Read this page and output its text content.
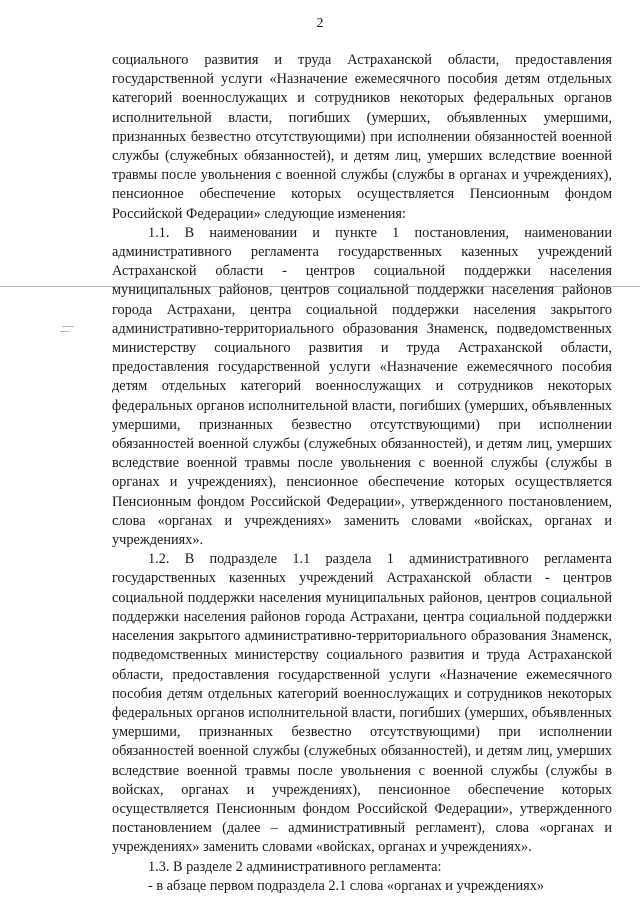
2

социального развития и труда Астраханской области, предоставления государственной услуги «Назначение ежемесячного пособия детям отдельных категорий военнослужащих и сотрудников некоторых федеральных органов исполнительной власти, погибших (умерших, объявленных умершими, признанных безвестно отсутствующими) при исполнении обязанностей военной службы (служебных обязанностей), и детям лиц, умерших вследствие военной травмы после увольнения с военной службы (службы в органах и учреждениях), пенсионное обеспечение которых осуществляется Пенсионным фондом Российской Федерации» следующие изменения:

1.1. В наименовании и пункте 1 постановления, наименовании административного регламента государственных казенных учреждений Астраханской области - центров социальной поддержки населения муниципальных районов, центров социальной поддержки населения районов города Астрахани, центра социальной поддержки населения закрытого административно-территориального образования Знаменск, подведомственных министерству социального развития и труда Астраханской области, предоставления государственной услуги «Назначение ежемесячного пособия детям отдельных категорий военнослужащих и сотрудников некоторых федеральных органов исполнительной власти, погибших (умерших, объявленных умершими, признанных безвестно отсутствующими) при исполнении обязанностей военной службы (служебных обязанностей), и детям лиц, умерших вследствие военной травмы после увольнения с военной службы (службы в органах и учреждениях), пенсионное обеспечение которых осуществляется Пенсионным фондом Российской Федерации», утвержденного постановлением, слова «органах и учреждениях» заменить словами «войсках, органах и учреждениях».

1.2. В подразделе 1.1 раздела 1 административного регламента государственных казенных учреждений Астраханской области - центров социальной поддержки населения муниципальных районов, центров социальной поддержки населения районов города Астрахани, центра социальной поддержки населения закрытого административно-территориального образования Знаменск, подведомственных министерству социального развития и труда Астраханской области, предоставления государственной услуги «Назначение ежемесячного пособия детям отдельных категорий военнослужащих и сотрудников некоторых федеральных органов исполнительной власти, погибших (умерших, объявленных умершими, признанных безвестно отсутствующими) при исполнении обязанностей военной службы (служебных обязанностей), и детям лиц, умерших вследствие военной травмы после увольнения с военной службы (службы в войсках, органах и учреждениях), пенсионное обеспечение которых осуществляется Пенсионным фондом Российской Федерации», утвержденного постановлением (далее – административный регламент), слова «органах и учреждениях» заменить словами «войсках, органах и учреждениях».

1.3. В разделе 2 административного регламента:

- в абзаце первом подраздела 2.1 слова «органах и учреждениях»
